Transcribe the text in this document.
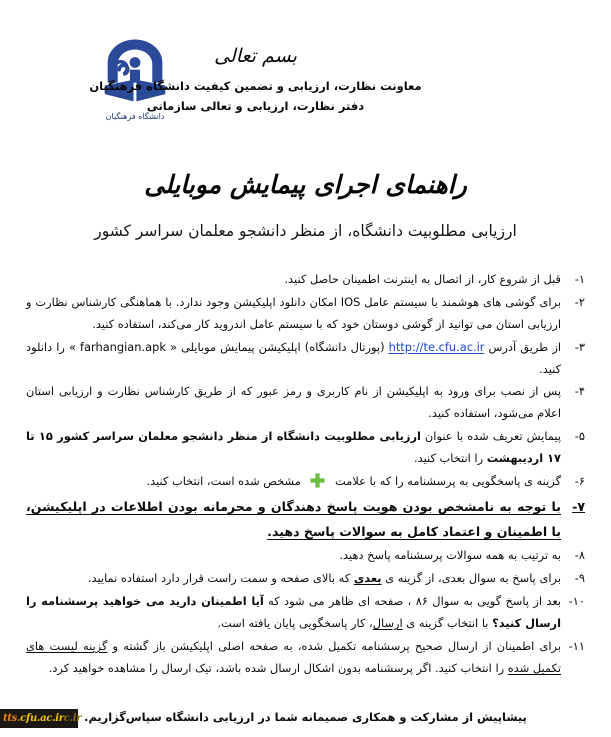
دانشگاه فرهنگیان
بسم تعالی
معاونت نظارت، ارزیابی و تضمین کیفیت دانشگاه فرهنگیان
دفتر نظارت، ارزیابی و تعالی سازمانی
راهنمای اجرای پیمایش موبایلی
ارزیابی مطلوبیت دانشگاه، از منظر دانشجو معلمان سراسر کشور
۱-
قبل از شروع کار، از اتصال به اینترنت اطمینان حاصل کنید.
۲-
برای گوشی های هوشمند با سیستم عامل IOS امکان دانلود اپلیکیشن وجود ندارد. با هماهنگی کارشناس نظارت و ارزیابی استان می توانید از گوشی دوستان خود که با سیستم عامل اندروید کار می‌کند، استفاده کنید.
۳-
از طریق آدرس http://te.cfu.ac.ir (پورتال دانشگاه) اپلیکیشن پیمایش موبایلی « farhangian.apk » را دانلود کنید.
۴-
پس از نصب برای ورود به اپلیکیشن از نام کاربری و رمز عبور که از طریق کارشناس نظارت و ارزیابی استان اعلام می‌شود، استفاده کنید.
۵-
پیمایش تعریف شده با عنوان ارزیابی مطلوبیت دانشگاه از منظر دانشجو معلمان سراسر کشور ۱۵ تا ۱۷ اردیبهشت را انتخاب کنید.
۶-
گزینه ی پاسخگویی به پرسشنامه را که با علامت  مشخص شده است، انتخاب کنید.
۷-
با توجه به نامشخص بودن هویت پاسخ دهندگان و محرمانه بودن اطلاعات در اپلیکیشن، با اطمینان و اعتماد کامل به سوالات پاسخ دهید.
۸-
به ترتیب به همه سوالات پرسشنامه پاسخ دهید.
۹-
برای پاسخ به سوال بعدی، از گزینه ی بعدی که بالای صفحه و سمت راست قرار دارد استفاده نمایید.
۱۰-
بعد از پاسخ گویی به سوال ۸۶ ، صفحه ای ظاهر می شود که آیا اطمینان دارید می خواهید پرسشنامه را ارسال کنید؟ با انتخاب گزینه ی ارسال، کار پاسخگویی پایان یافته است.
۱۱-
برای اطمینان از ارسال صحیح پرسشنامه تکمیل شده، به صفحه اصلی اپلیکیشن باز گشته و گزینه لیست های تکمیل شده را انتخاب کنید. اگر پرسشنامه بدون اشکال ارسال شده باشد، تیک ارسال را مشاهده خواهید کرد.
پیشاپیش از مشارکت و همکاری صمیمانه شما در ارزیابی دانشگاه سپاس‌گزاریم.
tts.cfu.ac.irc.ir
